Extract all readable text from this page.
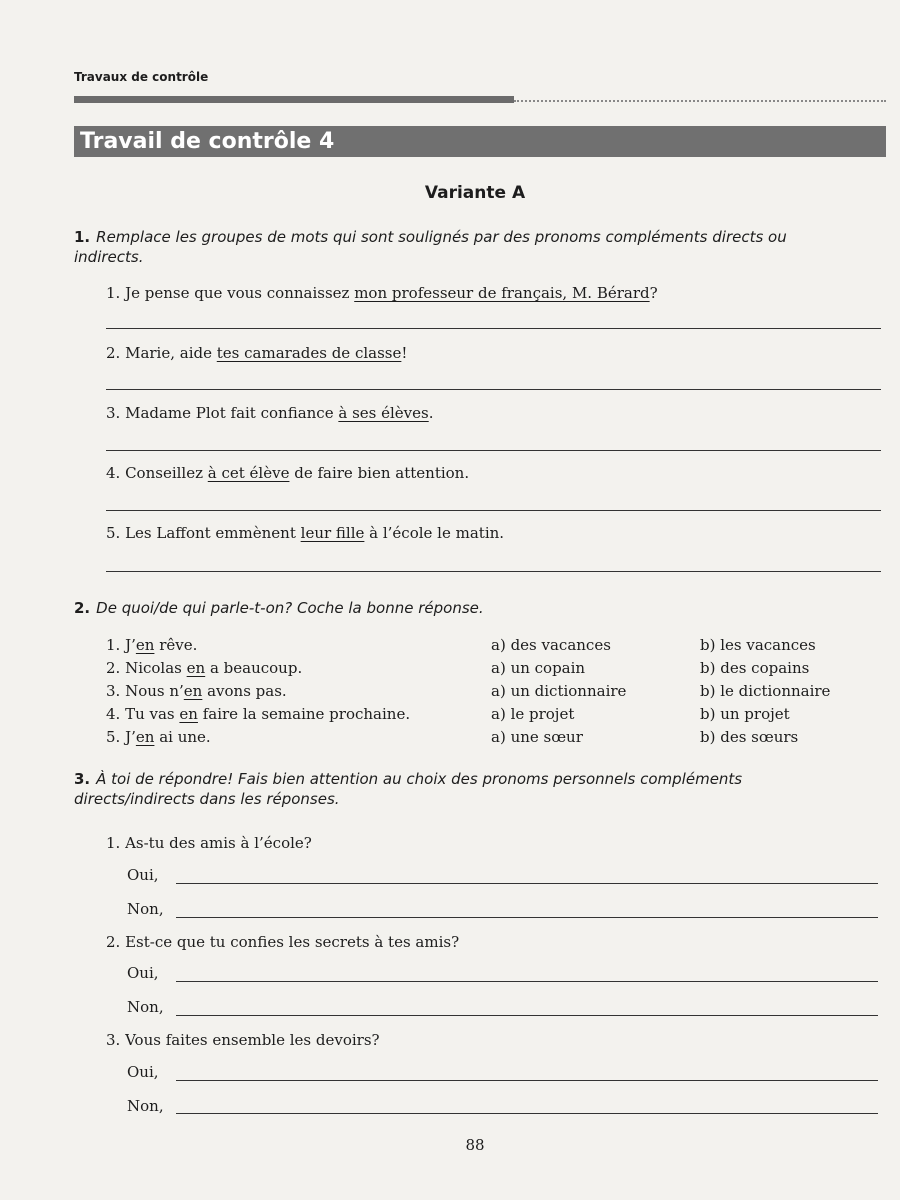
Travaux de contrôle
Travail de contrôle 4
Variante A
1. Remplace les groupes de mots qui sont soulignés par des pronoms compléments directs ou indirects.
1. Je pense que vous connaissez mon professeur de français, M. Bérard?
2. Marie, aide tes camarades de classe!
3. Madame Plot fait confiance à ses élèves.
4. Conseillez à cet élève de faire bien attention.
5. Les Laffont emmènent leur fille à l’école le matin.
2. De quoi/de qui parle-t-on? Coche la bonne réponse.
1. J’en rêve.	a) des vacances	b) les vacances
2. Nicolas en a beaucoup.	a) un copain	b) des copains
3. Nous n’en avons pas.	a) un dictionnaire	b) le dictionnaire
4. Tu vas en faire la semaine prochaine.	a) le projet	b) un projet
5. J’en ai une.	a) une sœur	b) des sœurs
3. À toi de répondre! Fais bien attention au choix des pronoms personnels compléments directs/indirects dans les réponses.
1. As-tu des amis à l’école?
Oui,
Non,
2. Est-ce que tu confies les secrets à tes amis?
Oui,
Non,
3. Vous faites ensemble les devoirs?
Oui,
Non,
88
